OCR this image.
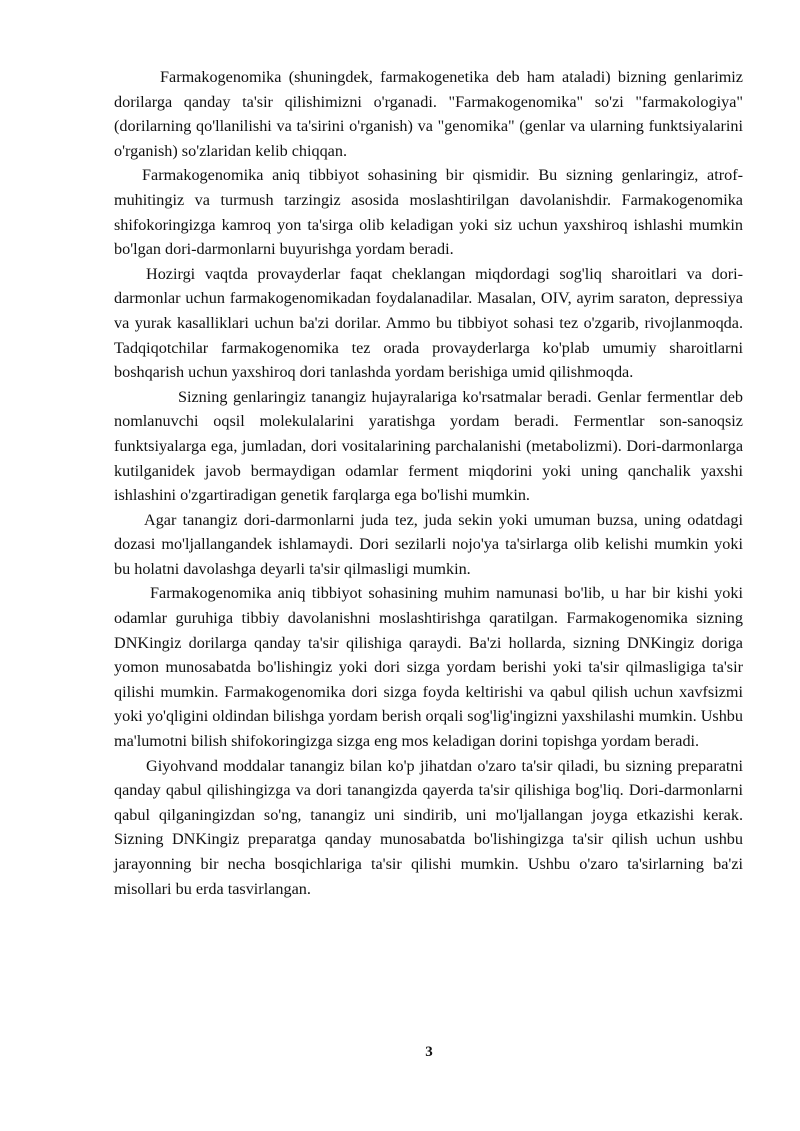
Farmakogenomika (shuningdek, farmakogenetika deb ham ataladi) bizning genlarimiz dorilarga qanday ta'sir qilishimizni o'rganadi. "Farmakogenomika" so'zi "farmakologiya" (dorilarning qo'llanilishi va ta'sirini o'rganish) va "genomika" (genlar va ularning funktsiyalarini o'rganish) so'zlaridan kelib chiqqan.

Farmakogenomika aniq tibbiyot sohasining bir qismidir. Bu sizning genlaringiz, atrof-muhitingiz va turmush tarzingiz asosida moslashtirilgan davolanishdir. Farmakogenomika shifokoringizga kamroq yon ta'sirga olib keladigan yoki siz uchun yaxshiroq ishlashi mumkin bo'lgan dori-darmonlarni buyurishga yordam beradi.

Hozirgi vaqtda provayderlar faqat cheklangan miqdordagi sog'liq sharoitlari va dori-darmonlar uchun farmakogenomikadan foydalanadilar. Masalan, OIV, ayrim saraton, depressiya va yurak kasalliklari uchun ba'zi dorilar. Ammo bu tibbiyot sohasi tez o'zgarib, rivojlanmoqda. Tadqiqotchilar farmakogenomika tez orada provayderlarga ko'plab umumiy sharoitlarni boshqarish uchun yaxshiroq dori tanlashda yordam berishiga umid qilishmoqda.

Sizning genlaringiz tanangiz hujayralariga ko'rsatmalar beradi. Genlar fermentlar deb nomlanuvchi oqsil molekulalarini yaratishga yordam beradi. Fermentlar son-sanoqsiz funktsiyalarga ega, jumladan, dori vositalarining parchalanishi (metabolizmi). Dori-darmonlarga kutilganidek javob bermaydigan odamlar ferment miqdorini yoki uning qanchalik yaxshi ishlashini o'zgartiradigan genetik farqlarga ega bo'lishi mumkin.

Agar tanangiz dori-darmonlarni juda tez, juda sekin yoki umuman buzsa, uning odatdagi dozasi mo'ljallangandek ishlamaydi. Dori sezilarli nojo'ya ta'sirlarga olib kelishi mumkin yoki bu holatni davolashga deyarli ta'sir qilmasligi mumkin.

Farmakogenomika aniq tibbiyot sohasining muhim namunasi bo'lib, u har bir kishi yoki odamlar guruhiga tibbiy davolanishni moslashtirishga qaratilgan. Farmakogenomika sizning DNKingiz dorilarga qanday ta'sir qilishiga qaraydi. Ba'zi hollarda, sizning DNKingiz doriga yomon munosabatda bo'lishingiz yoki dori sizga yordam berishi yoki ta'sir qilmasligiga ta'sir qilishi mumkin. Farmakogenomika dori sizga foyda keltirishi va qabul qilish uchun xavfsizmi yoki yo'qligini oldindan bilishga yordam berish orqali sog'lig'ingizni yaxshilashi mumkin. Ushbu ma'lumotni bilish shifokoringizga sizga eng mos keladigan dorini topishga yordam beradi.

Giyohvand moddalar tanangiz bilan ko'p jihatdan o'zaro ta'sir qiladi, bu sizning preparatni qanday qabul qilishingizga va dori tanangizda qayerda ta'sir qilishiga bog'liq. Dori-darmonlarni qabul qilganingizdan so'ng, tanangiz uni sindirib, uni mo'ljallangan joyga etkazishi kerak. Sizning DNKingiz preparatga qanday munosabatda bo'lishingizga ta'sir qilish uchun ushbu jarayonning bir necha bosqichlariga ta'sir qilishi mumkin. Ushbu o'zaro ta'sirlarning ba'zi misollari bu erda tasvirlangan.

3
